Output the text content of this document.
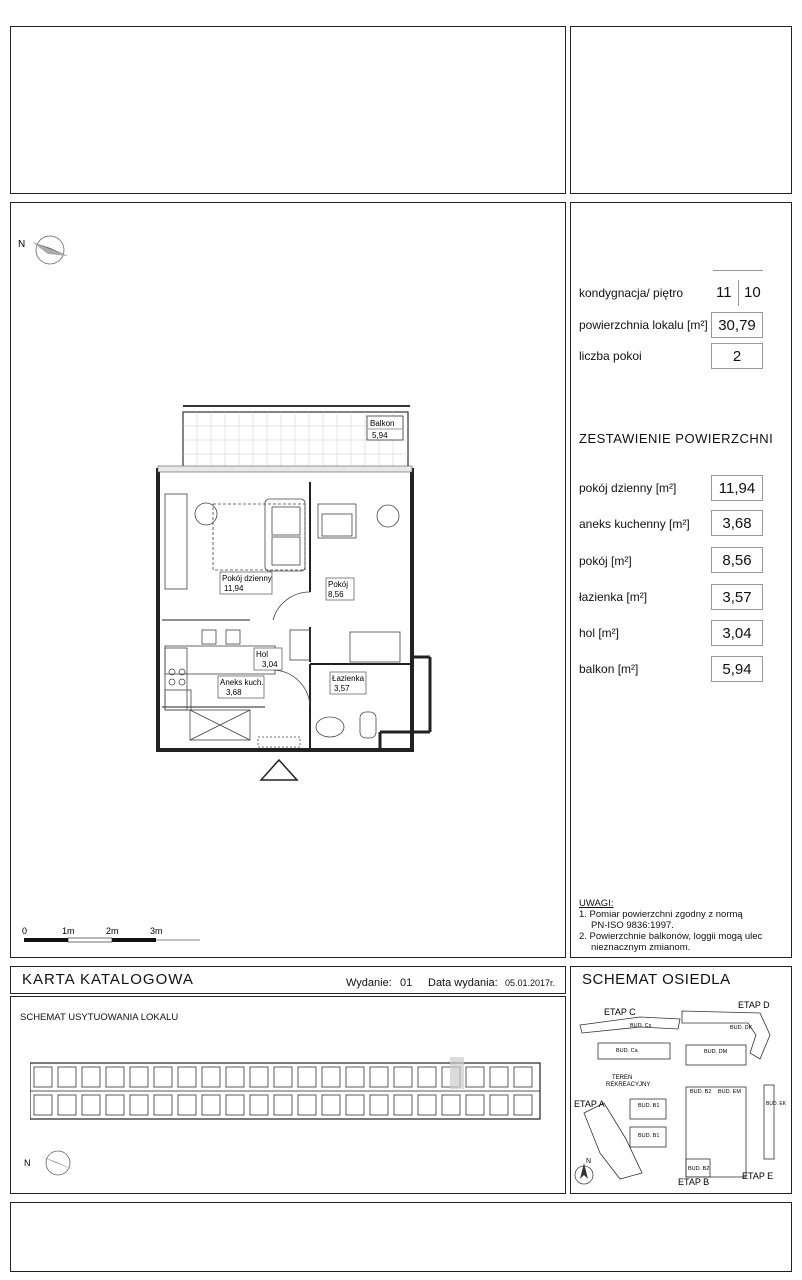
kondygnacja/ piętro 11 10
powierzchnia lokalu [m²] 30,79
liczba pokoi	2
ZESTAWIENIE POWIERZCHNI
pokój dzienny [m²]	11,94
aneks kuchenny [m²]	3,68
pokój [m²]	8,56
łazienka [m²]	3,57
hol [m²]	3,04
balkon [m²]	5,94
UWAGI:
1. Pomiar powierzchni zgodny z normą
PN-ISO 9836:1997.
2. Powierzchnie balkonów, loggii mogą ulec
nieznacznym zmianom.
N
Balkon
5,94
Pokój dzienny
11,94	Pokój
8,56
Hol
3,04
Aneks kuch.
3,68
Łazienka
3,57
0	1m	2m	3m
KARTA KATALOGOWA	Wydanie: 01 Data wydania: 05.01.2017r.
SCHEMAT USYTUOWANIA LOKALU
N
SCHEMAT OSIEDLA
ETAP C
ETAP D
ETAP A
ETAP B
ETAP E
TEREN
REKREACYJNY
BUD. Cs
BUD. Ca
BUD. DK
BUD. DM
BUD. B2
BUD. B1
BUD. B1
BUD. EM
BUD. EK
BUD. B2
N
